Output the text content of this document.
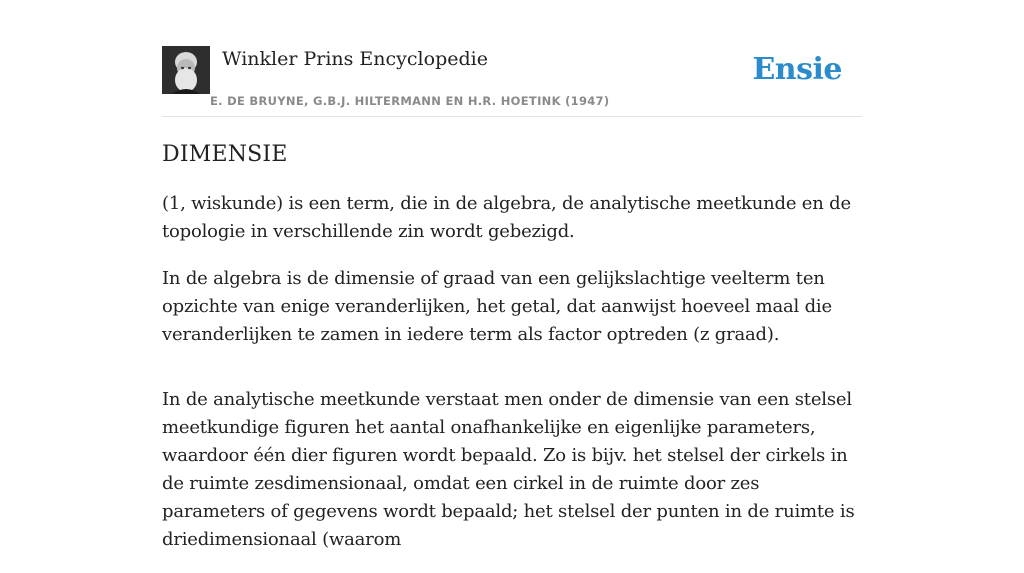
Winkler Prins Encyclopedie
E. DE BRUYNE, G.B.J. HILTERMANN EN H.R. HOETINK (1947)
Ensie
DIMENSIE

(1, wiskunde) is een term, die in de algebra, de analytische meetkunde en de topologie in verschillende zin wordt gebezigd.

In de algebra is de dimensie of graad van een gelijkslachtige veelterm ten opzichte van enige veranderlijken, het getal, dat aanwijst hoeveel maal die veranderlijken te zamen in iedere term als factor optreden (z graad).

In de analytische meetkunde verstaat men onder de dimensie van een stelsel meetkundige figuren het aantal onafhankelijke en eigenlijke parameters, waardoor één dier figuren wordt bepaald. Zo is bijv. het stelsel der cirkels in de ruimte zesdimensionaal, omdat een cirkel in de ruimte door zes parameters of gegevens wordt bepaald; het stelsel der punten in de ruimte is driedimensionaal (waarom
